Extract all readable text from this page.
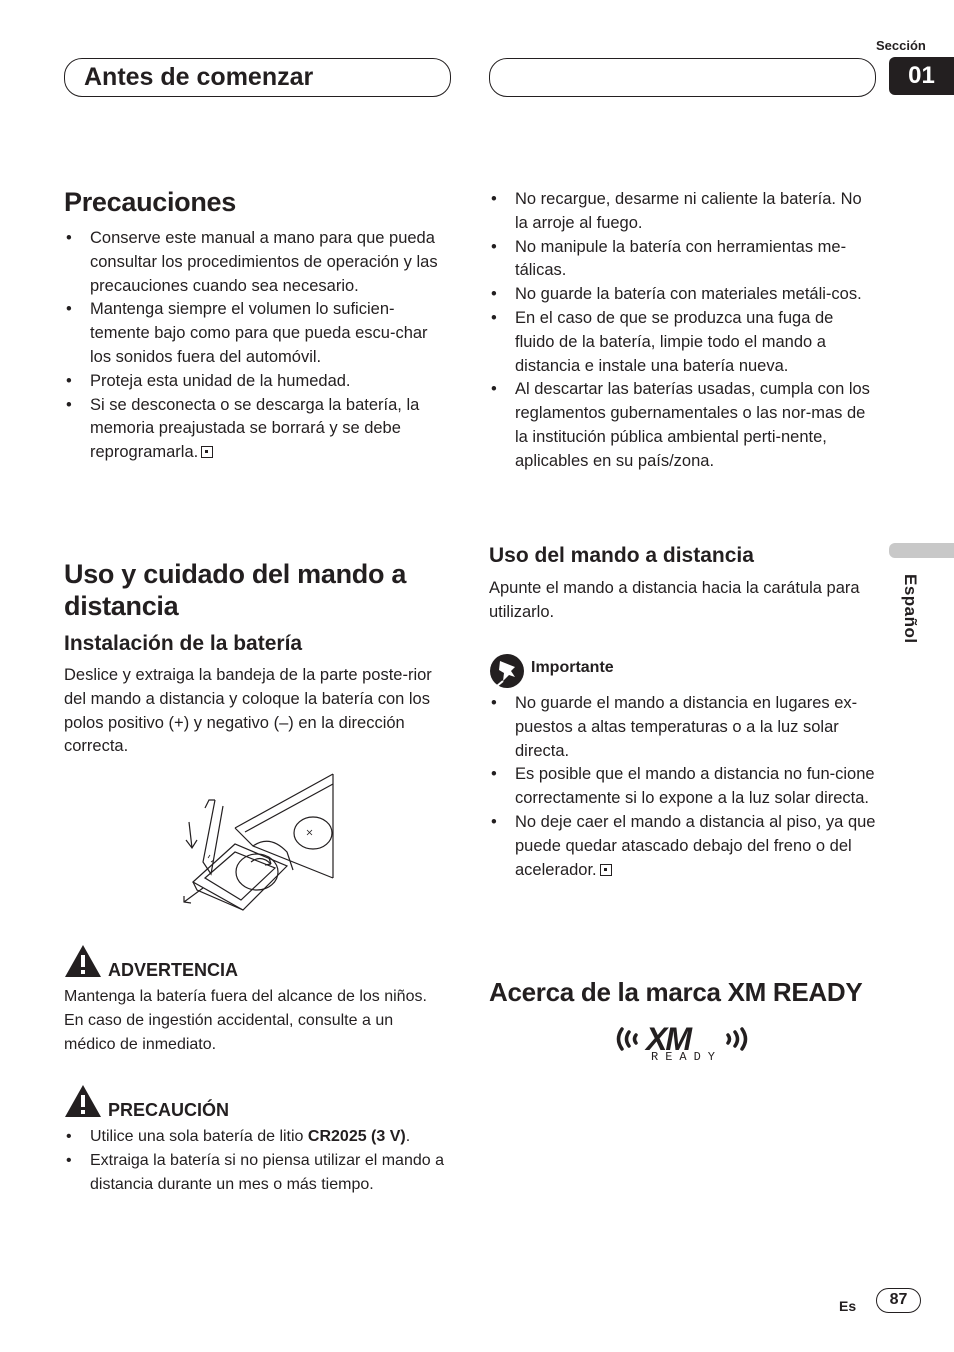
Antes de comenzar
Sección
01
Español
Precauciones
• Conserve este manual a mano para que pueda consultar los procedimientos de operación y las precauciones cuando sea necesario.
• Mantenga siempre el volumen lo suficien-temente bajo como para que pueda escu-char los sonidos fuera del automóvil.
• Proteja esta unidad de la humedad.
• Si se desconecta o se descarga la batería, la memoria preajustada se borrará y se debe reprogramarla.
Uso y cuidado del mando a distancia
Instalación de la batería
Deslice y extraiga la bandeja de la parte poste-rior del mando a distancia y coloque la batería con los polos positivo (+) y negativo (–) en la dirección correcta.
ADVERTENCIA
Mantenga la batería fuera del alcance de los niños. En caso de ingestión accidental, consulte a un médico de inmediato.
PRECAUCIÓN
• Utilice una sola batería de litio CR2025 (3 V).
• Extraiga la batería si no piensa utilizar el mando a distancia durante un mes o más tiempo.
• No recargue, desarme ni caliente la batería. No la arroje al fuego.
• No manipule la batería con herramientas me-tálicas.
• No guarde la batería con materiales metáli-cos.
• En el caso de que se produzca una fuga de fluido de la batería, limpie todo el mando a distancia e instale una batería nueva.
• Al descartar las baterías usadas, cumpla con los reglamentos gubernamentales o las nor-mas de la institución pública ambiental perti-nente, aplicables en su país/zona.
Uso del mando a distancia
Apunte el mando a distancia hacia la carátula para utilizarlo.
Importante
• No guarde el mando a distancia en lugares ex-puestos a altas temperaturas o a la luz solar directa.
• Es posible que el mando a distancia no fun-cione correctamente si lo expone a la luz solar directa.
• No deje caer el mando a distancia al piso, ya que puede quedar atascado debajo del freno o del acelerador.
Acerca de la marca XM READY
XM
READY
Es	87
